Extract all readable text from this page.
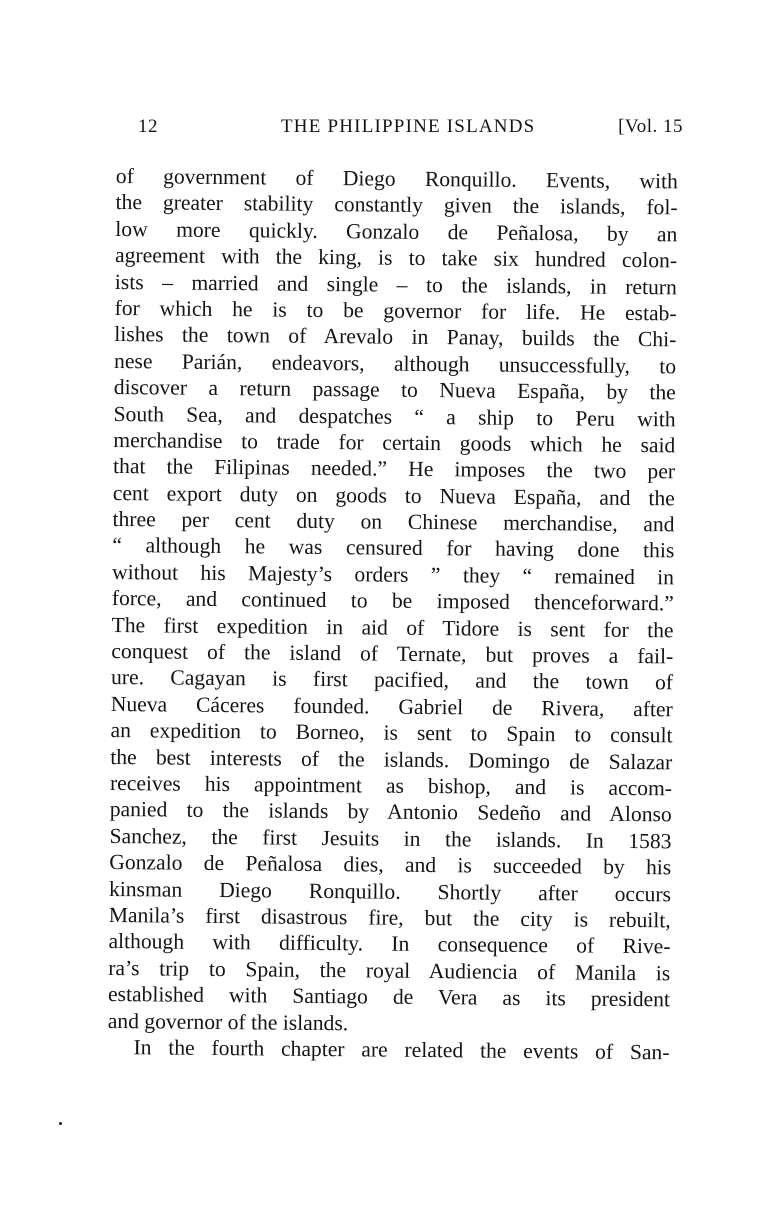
12	THE PHILIPPINE ISLANDS	[Vol. 15
of government of Diego Ronquillo. Events, with
the greater stability constantly given the islands, fol-
low more quickly. Gonzalo de Peñalosa, by an
agreement with the king, is to take six hundred colon-
ists – married and single – to the islands, in return
for which he is to be governor for life. He estab-
lishes the town of Arevalo in Panay, builds the Chi-
nese Parián, endeavors, although unsuccessfully, to
discover a return passage to Nueva España, by the
South Sea, and despatches “ a ship to Peru with
merchandise to trade for certain goods which he said
that the Filipinas needed.” He imposes the two per
cent export duty on goods to Nueva España, and the
three per cent duty on Chinese merchandise, and
“ although he was censured for having done this
without his Majesty’s orders ” they “ remained in
force, and continued to be imposed thenceforward.”
The first expedition in aid of Tidore is sent for the
conquest of the island of Ternate, but proves a fail-
ure. Cagayan is first pacified, and the town of
Nueva Cáceres founded. Gabriel de Rivera, after
an expedition to Borneo, is sent to Spain to consult
the best interests of the islands. Domingo de Salazar
receives his appointment as bishop, and is accom-
panied to the islands by Antonio Sedeño and Alonso
Sanchez, the first Jesuits in the islands. In 1583
Gonzalo de Peñalosa dies, and is succeeded by his
kinsman Diego Ronquillo. Shortly after occurs
Manila’s first disastrous fire, but the city is rebuilt,
although with difficulty. In consequence of Rive-
ra’s trip to Spain, the royal Audiencia of Manila is
established with Santiago de Vera as its president
and governor of the islands.
In the fourth chapter are related the events of San-
